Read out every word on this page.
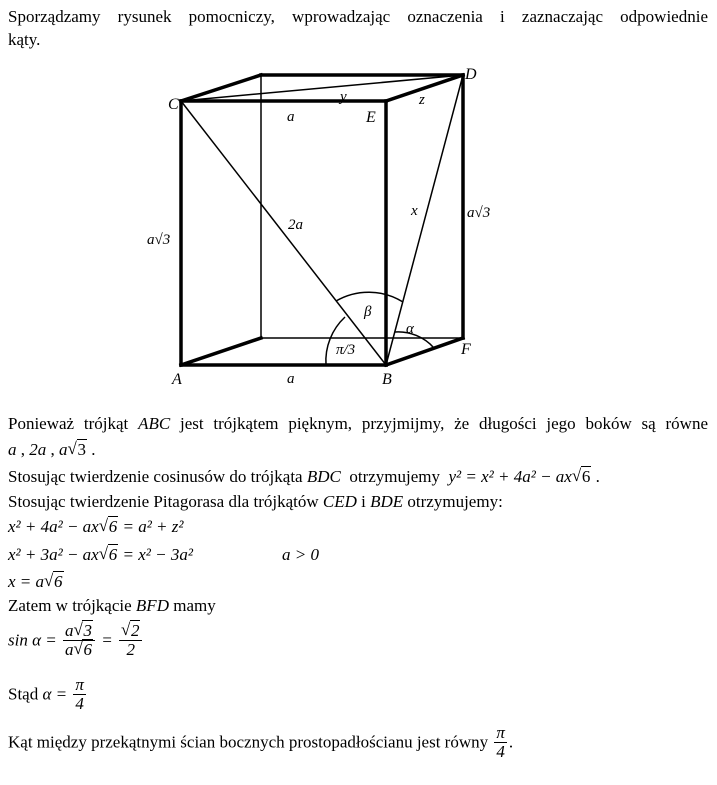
Sporządzamy rysunek pomocniczy, wprowadzając oznaczenia i zaznaczając odpowiednie
kąty.
A	B
C
D
E
F
a
a
y	z
2a
x
a√3
a√3
π/3
β
α
Ponieważ trójkąt ABC jest trójkątem pięknym, przyjmijmy, że długości jego boków są równe
a , 2a , a √ 3 .
Stosując twierdzenie cosinusów do trójkąta BDC otrzymujemy y² = x² + 4a² − ax √ 6 .
Stosując twierdzenie Pitagorasa dla trójkątów CED i BDE otrzymujemy:
x² + 4a² − ax √ 6 = a² + z²
x² + 3a² − ax √ 6 = x² − 3a²	a > 0
x = a √ 6
Zatem w trójkącie BFD mamy
$\sin \alpha = \frac{a √ 3}{a √ 6}$ = √ $\frac{2}{2}$
Stąd $\alpha = \frac{\pi}{4}$
Kąt między przekątnymi ścian bocznych prostopadłościanu jest równy $\frac{\pi}{4}$ .
